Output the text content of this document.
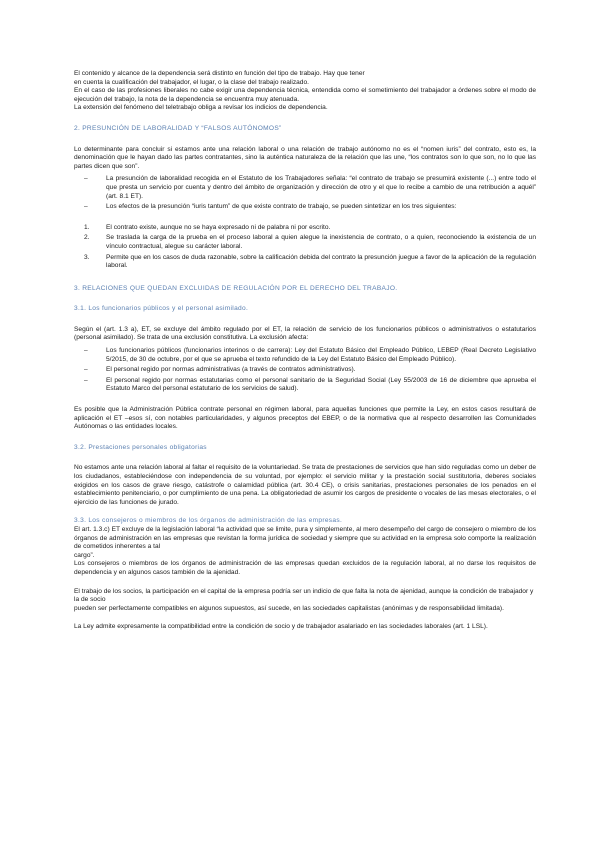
El contenido y alcance de la dependencia será distinto en función del tipo de trabajo. Hay que tener

en cuenta la cualificación del trabajador, el lugar, o la clase del trabajo realizado.

En el caso de las profesiones liberales no cabe exigir una dependencia técnica, entendida como el sometimiento del trabajador a órdenes sobre el modo de ejecución del trabajo, la nota de la dependencia se encuentra muy atenuada.

La extensión del fenómeno del teletrabajo obliga a revisar los indicios de dependencia.

2. PRESUNCIÓN DE LABORALIDAD Y “FALSOS AUTÓNOMOS”

Lo determinante para concluir si estamos ante una relación laboral o una relación de trabajo autónomo no es el “nomen iuris” del contrato, esto es, la denominación que le hayan dado las partes contratantes, sino la auténtica naturaleza de la relación que las une, “los contratos son lo que son, no lo que las partes dicen que son”.

– La presunción de laboralidad recogida en el Estatuto de los Trabajadores señala: “el contrato de trabajo se presumirá existente (...) entre todo el que presta un servicio por cuenta y dentro del ámbito de organización y dirección de otro y el que lo recibe a cambio de una retribución a aquél” (art. 8.1 ET).
– Los efectos de la presunción “iuris tantum” de que existe contrato de trabajo, se pueden sintetizar en los tres siguientes:
1.	El contrato existe, aunque no se haya expresado ni de palabra ni por escrito.
2.	Se traslada la carga de la prueba en el proceso laboral a quien alegue la inexistencia de contrato, o a quien, reconociendo la existencia de un vínculo contractual, alegue su carácter laboral.
3.	Permite que en los casos de duda razonable, sobre la calificación debida del contrato la presunción juegue a favor de la aplicación de la regulación laboral.

3. RELACIONES QUE QUEDAN EXCLUIDAS DE REGULACIÓN POR EL DERECHO DEL TRABAJO.

3.1. Los funcionarios públicos y el personal asimilado.

Según el (art. 1.3 a), ET, se excluye del ámbito regulado por el ET, la relación de servicio de los funcionarios públicos o administrativos o estatutarios (personal asimilado). Se trata de una exclusión constitutiva. La exclusión afecta:

– Los funcionarios públicos (funcionarios interinos o de carrera): Ley del Estatuto Básico del Empleado Público, LEBEP (Real Decreto Legislativo 5/2015, de 30 de octubre, por el que se aprueba el texto refundido de la Ley del Estatuto Básico del Empleado Público).
– El personal regido por normas administrativas (a través de contratos administrativos).
– El personal regido por normas estatutarias como el personal sanitario de la Seguridad Social (Ley 55/2003 de 16 de diciembre que aprueba el Estatuto Marco del personal estatutario de los servicios de salud).

Es posible que la Administración Pública contrate personal en régimen laboral, para aquellas funciones que permite la Ley, en estos casos resultará de aplicación el ET –esos sí, con notables particularidades, y algunos preceptos del EBEP, o de la normativa que al respecto desarrollen las Comunidades Autónomas o las entidades locales.

3.2. Prestaciones personales obligatorias

No estamos ante una relación laboral al faltar el requisito de la voluntariedad. Se trata de prestaciones de servicios que han sido reguladas como un deber de los ciudadanos, estableciéndose con independencia de su voluntad, por ejemplo: el servicio militar y la prestación social sustitutoria, deberes sociales exigidos en los casos de grave riesgo, catástrofe o calamidad pública (art. 30.4 CE), o crisis sanitarias, prestaciones personales de los penados en el establecimiento penitenciario, o por cumplimiento de una pena. La obligatoriedad de asumir los cargos de presidente o vocales de las mesas electorales, o el ejercicio de las funciones de jurado.

3.3. Los consejeros o miembros de los órganos de administración de las empresas.

El art. 1.3.c) ET excluye de la legislación laboral “la actividad que se limite, pura y simplemente, al mero desempeño del cargo de consejero o miembro de los órganos de administración en las empresas que revistan la forma jurídica de sociedad y siempre que su actividad en la empresa solo comporte la realización de cometidos inherentes a tal

cargo”.

Los consejeros o miembros de los órganos de administración de las empresas quedan excluidos de la regulación laboral, al no darse los requisitos de dependencia y en algunos casos también de la ajenidad.

El trabajo de los socios, la participación en el capital de la empresa podría ser un indicio de que falta la nota de ajenidad, aunque la condición de trabajador y la de socio

pueden ser perfectamente compatibles en algunos supuestos, así sucede, en las sociedades capitalistas (anónimas y de responsabilidad limitada).

La Ley admite expresamente la compatibilidad entre la condición de socio y de trabajador asalariado en las sociedades laborales (art. 1 LSL).
